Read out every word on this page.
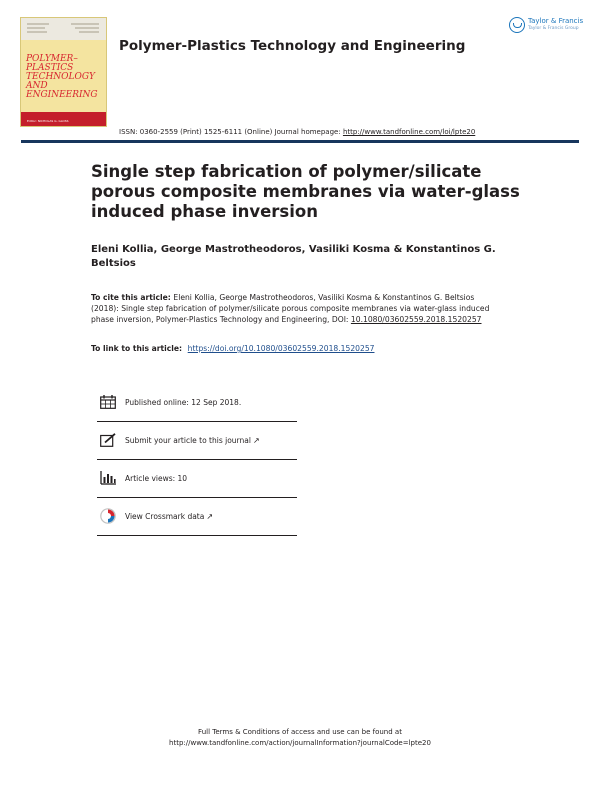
POLYMER–PLASTICS TECHNOLOGY AND ENGINEERING
Editor: NICHOLAS G. GLOSS
Polymer-Plastics Technology and Engineering
Taylor & Francis
Taylor & Francis Group
ISSN: 0360-2559 (Print) 1525-6111 (Online) Journal homepage: http://www.tandfonline.com/loi/lpte20
Single step fabrication of polymer/silicate porous composite membranes via water-glass induced phase inversion
Eleni Kollia, George Mastrotheodoros, Vasiliki Kosma & Konstantinos G. Beltsios
To cite this article: Eleni Kollia, George Mastrotheodoros, Vasiliki Kosma & Konstantinos G. Beltsios (2018): Single step fabrication of polymer/silicate porous composite membranes via water-glass induced phase inversion, Polymer-Plastics Technology and Engineering, DOI: 10.1080/03602559.2018.1520257
To link to this article: https://doi.org/10.1080/03602559.2018.1520257
Published online: 12 Sep 2018.
Submit your article to this journal ↗
Article views: 10
View Crossmark data ↗
Full Terms & Conditions of access and use can be found at
http://www.tandfonline.com/action/journalInformation?journalCode=lpte20
